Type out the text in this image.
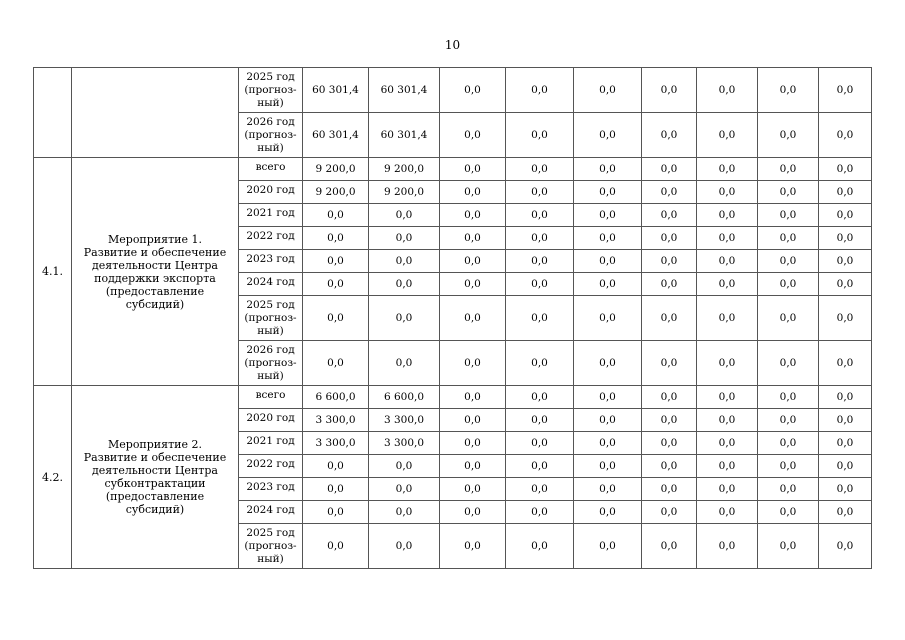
10

		2025 год
(прогноз-
ный)	60 301,4	60 301,4	0,0	0,0	0,0	0,0	0,0	0,0	0,0

		2026 год
(прогноз-
ный)	60 301,4	60 301,4	0,0	0,0	0,0	0,0	0,0	0,0	0,0
4.1.	Мероприятие 1.
Развитие и обеспечение
деятельности Центра
поддержки экспорта
(предоставление субсидий)	всего	9 200,0	9 200,0	0,0	0,0	0,0	0,0	0,0	0,0	0,0

		2020 год	9 200,0	9 200,0	0,0	0,0	0,0	0,0	0,0	0,0	0,0

		2021 год	0,0	0,0	0,0	0,0	0,0	0,0	0,0	0,0	0,0

		2022 год	0,0	0,0	0,0	0,0	0,0	0,0	0,0	0,0	0,0

		2023 год	0,0	0,0	0,0	0,0	0,0	0,0	0,0	0,0	0,0

		2024 год	0,0	0,0	0,0	0,0	0,0	0,0	0,0	0,0	0,0

		2025 год
(прогноз-
ный)	0,0	0,0	0,0	0,0	0,0	0,0	0,0	0,0	0,0

		2026 год
(прогноз-
ный)	0,0	0,0	0,0	0,0	0,0	0,0	0,0	0,0	0,0
4.2.	Мероприятие 2.
Развитие и обеспечение
деятельности Центра
субконтрактации
(предоставление субсидий)	всего	6 600,0	6 600,0	0,0	0,0	0,0	0,0	0,0	0,0	0,0

		2020 год	3 300,0	3 300,0	0,0	0,0	0,0	0,0	0,0	0,0	0,0

		2021 год	3 300,0	3 300,0	0,0	0,0	0,0	0,0	0,0	0,0	0,0

		2022 год	0,0	0,0	0,0	0,0	0,0	0,0	0,0	0,0	0,0

		2023 год	0,0	0,0	0,0	0,0	0,0	0,0	0,0	0,0	0,0

		2024 год	0,0	0,0	0,0	0,0	0,0	0,0	0,0	0,0	0,0

		2025 год
(прогноз-
ный)	0,0	0,0	0,0	0,0	0,0	0,0	0,0	0,0	0,0
